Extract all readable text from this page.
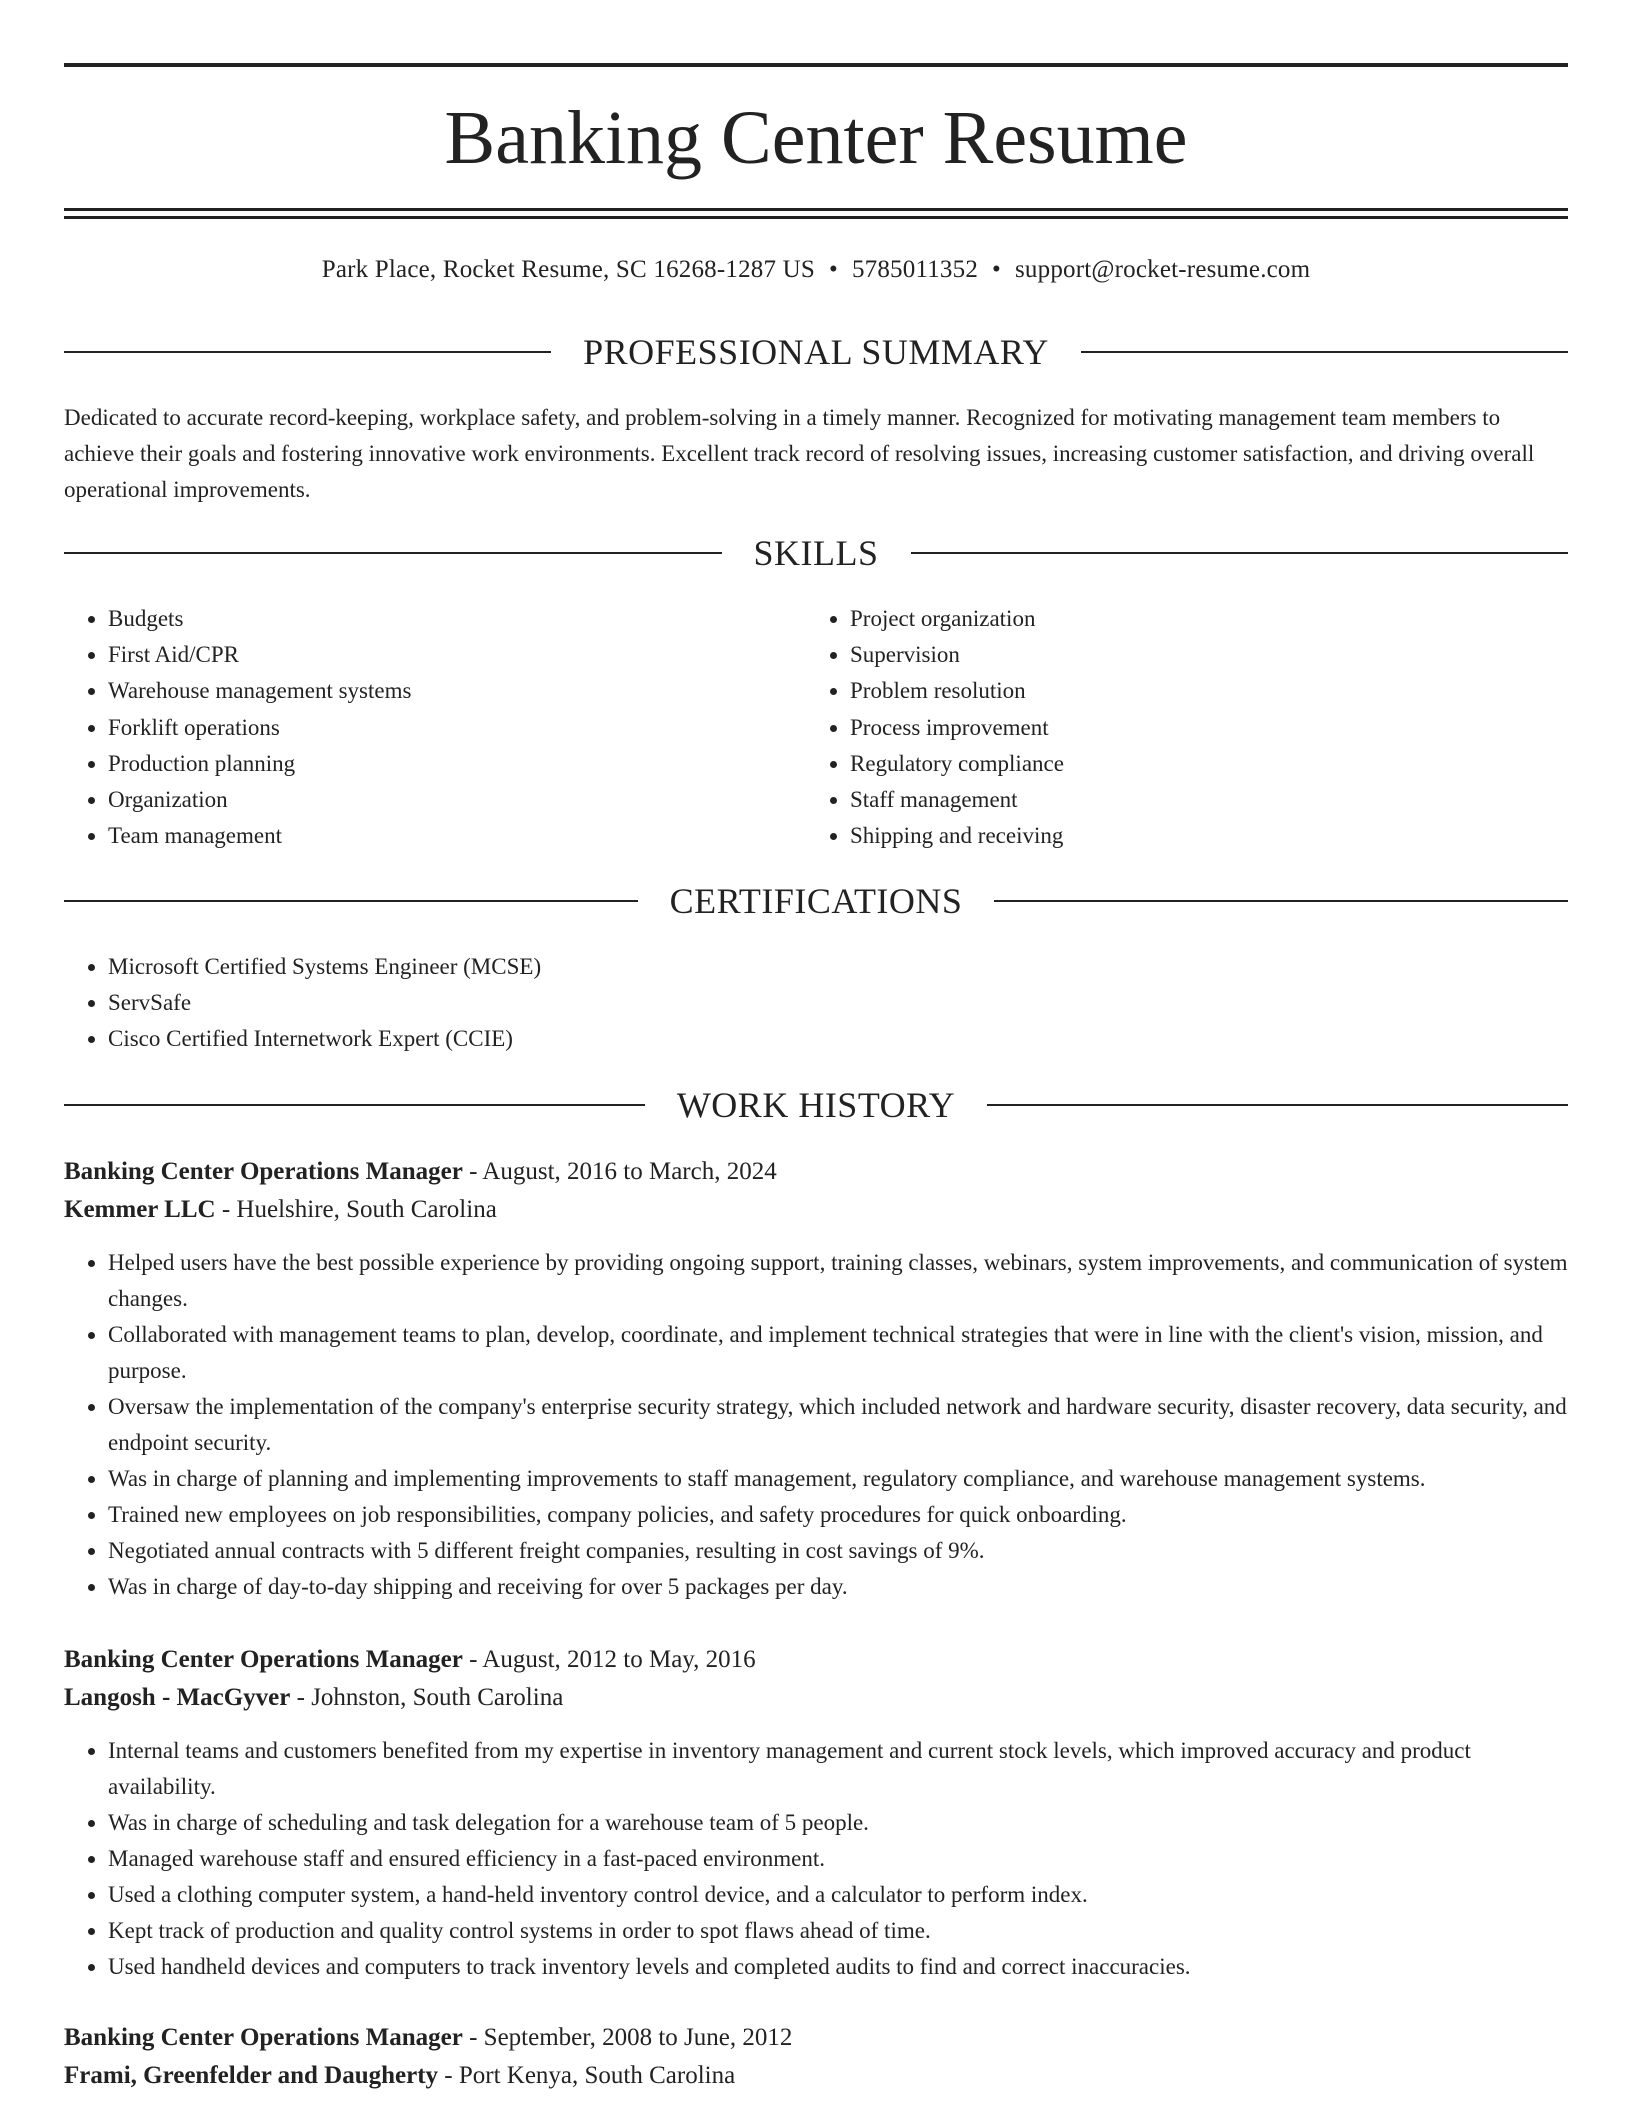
Banking Center Resume
Park Place, Rocket Resume, SC 16268-1287 US • 5785011352 • support@rocket-resume.com
PROFESSIONAL SUMMARY

Dedicated to accurate record-keeping, workplace safety, and problem-solving in a timely manner. Recognized for motivating management team members to achieve their goals and fostering innovative work environments. Excellent track record of resolving issues, increasing customer satisfaction, and driving overall operational improvements.

SKILLS
• Budgets
• First Aid/CPR
• Warehouse management systems
• Forklift operations
• Production planning
• Organization
• Team management
• Project organization
• Supervision
• Problem resolution
• Process improvement
• Regulatory compliance
• Staff management
• Shipping and receiving
CERTIFICATIONS
• Microsoft Certified Systems Engineer (MCSE)
• ServSafe
• Cisco Certified Internetwork Expert (CCIE)
WORK HISTORY
Banking Center Operations Manager - August, 2016 to March, 2024
Kemmer LLC - Huelshire, South Carolina
• Helped users have the best possible experience by providing ongoing support, training classes, webinars, system improvements, and communication of system changes.
• Collaborated with management teams to plan, develop, coordinate, and implement technical strategies that were in line with the client's vision, mission, and purpose.
• Oversaw the implementation of the company's enterprise security strategy, which included network and hardware security, disaster recovery, data security, and endpoint security.
• Was in charge of planning and implementing improvements to staff management, regulatory compliance, and warehouse management systems.
• Trained new employees on job responsibilities, company policies, and safety procedures for quick onboarding.
• Negotiated annual contracts with 5 different freight companies, resulting in cost savings of 9%.
• Was in charge of day-to-day shipping and receiving for over 5 packages per day.
Banking Center Operations Manager - August, 2012 to May, 2016
Langosh - MacGyver - Johnston, South Carolina
• Internal teams and customers benefited from my expertise in inventory management and current stock levels, which improved accuracy and product availability.
• Was in charge of scheduling and task delegation for a warehouse team of 5 people.
• Managed warehouse staff and ensured efficiency in a fast-paced environment.
• Used a clothing computer system, a hand-held inventory control device, and a calculator to perform index.
• Kept track of production and quality control systems in order to spot flaws ahead of time.
• Used handheld devices and computers to track inventory levels and completed audits to find and correct inaccuracies.
Banking Center Operations Manager - September, 2008 to June, 2012
Frami, Greenfelder and Daugherty - Port Kenya, South Carolina
